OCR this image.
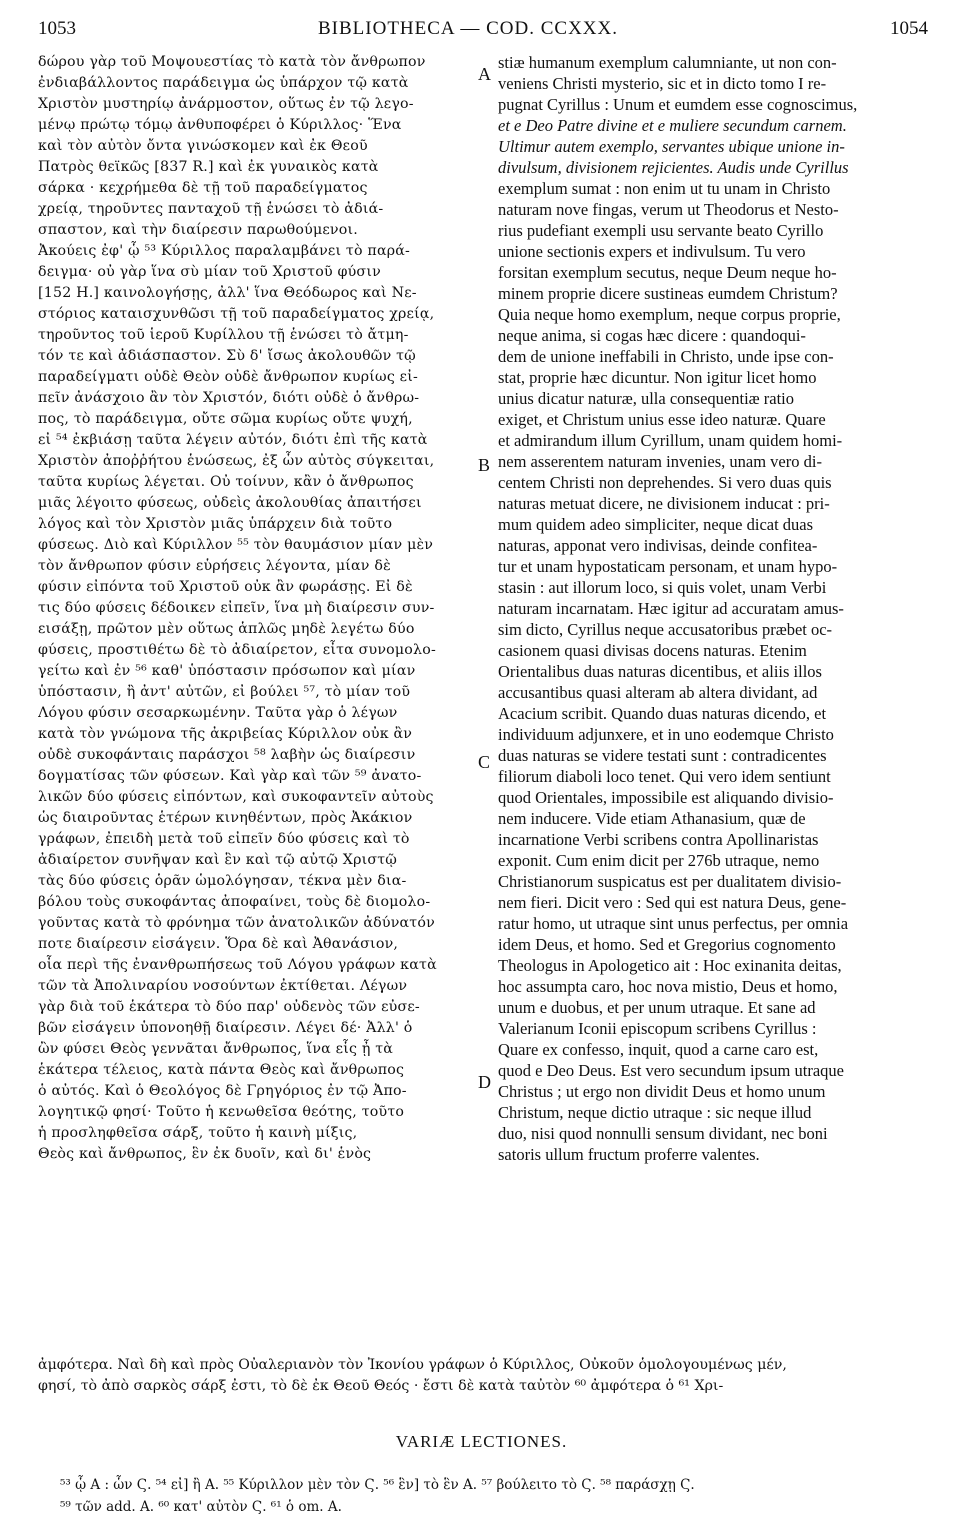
1053	BIBLIOTHECA — COD. CCXXX.	1054
δώρου γὰρ τοῦ Μοψουεστίας τὸ κατὰ τὸν ἄνθρωπον
ἐνδιαβάλλοντος παράδειγμα ὡς ὑπάρχον τῷ κατὰ
Χριστὸν μυστηρίῳ ἀνάρμοστον, οὕτως ἐν τῷ λεγο-
μένῳ πρώτῳ τόμῳ ἀνθυποφέρει ὁ Κύριλλος· Ἕνα
καὶ τὸν αὐτὸν ὄντα γινώσκομεν καὶ ἐκ Θεοῦ
Πατρὸς θεϊκῶς [837 R.] καὶ ἐκ γυναικὸς κατὰ
σάρκα · κεχρήμεθα δὲ τῇ τοῦ παραδείγματος
χρείᾳ, τηροῦντες πανταχοῦ τῇ ἑνώσει τὸ ἀδιά-
σπαστον, καὶ τὴν διαίρεσιν παρωθούμενοι.
Ἀκούεις ἐφ' ᾧ ⁵³ Κύριλλος παραλαμβάνει τὸ παρά-
δειγμα· οὐ γὰρ ἵνα σὺ μίαν τοῦ Χριστοῦ φύσιν
[152 Η.] καινολογήσῃς, ἀλλ' ἵνα Θεόδωρος καὶ Νε-
στόριος καταισχυνθῶσι τῇ τοῦ παραδείγματος χρείᾳ,
τηροῦντος τοῦ ἱεροῦ Κυρίλλου τῇ ἑνώσει τὸ ἄτμη-
τόν τε καὶ ἀδιάσπαστον. Σὺ δ' ἴσως ἀκολουθῶν τῷ
παραδείγματι οὐδὲ Θεὸν οὐδὲ ἄνθρωπον κυρίως εἰ-
πεῖν ἀνάσχοιο ἂν τὸν Χριστόν, διότι οὐδὲ ὁ ἄνθρω-
πος, τὸ παράδειγμα, οὔτε σῶμα κυρίως οὔτε ψυχή,
εἰ ⁵⁴ ἐκβιάσῃ ταῦτα λέγειν αὐτόν, διότι ἐπὶ τῆς κατὰ
Χριστὸν ἀποῤῥήτου ἑνώσεως, ἐξ ὧν αὐτὸς σύγκειται,
ταῦτα κυρίως λέγεται. Οὐ τοίνυν, κἂν ὁ ἄνθρωπος
μιᾶς λέγοιτο φύσεως, οὐδεὶς ἀκολουθίας ἀπαιτήσει
λόγος καὶ τὸν Χριστὸν μιᾶς ὑπάρχειν διὰ τοῦτο
φύσεως. Διὸ καὶ Κύριλλον ⁵⁵ τὸν θαυμάσιον μίαν μὲν
τὸν ἄνθρωπον φύσιν εὑρήσεις λέγοντα, μίαν δὲ
φύσιν εἰπόντα τοῦ Χριστοῦ οὐκ ἂν φωράσῃς. Εἰ δὲ
τις δύο φύσεις δέδοικεν εἰπεῖν, ἵνα μὴ διαίρεσιν συν-
εισάξῃ, πρῶτον μὲν οὕτως ἁπλῶς μηδὲ λεγέτω δύο
φύσεις, προστιθέτω δὲ τὸ ἀδιαίρετον, εἶτα συνομολο-
γείτω καὶ ἐν ⁵⁶ καθ' ὑπόστασιν πρόσωπον καὶ μίαν
ὑπόστασιν, ἢ ἀντ' αὐτῶν, εἰ βούλει ⁵⁷, τὸ μίαν τοῦ
Λόγου φύσιν σεσαρκωμένην. Ταῦτα γὰρ ὁ λέγων
κατὰ τὸν γνώμονα τῆς ἀκριβείας Κύριλλον οὐκ ἂν
οὐδὲ συκοφάνταις παράσχοι ⁵⁸ λαβὴν ὡς διαίρεσιν
δογματίσας τῶν φύσεων. Καὶ γὰρ καὶ τῶν ⁵⁹ ἀνατο-
λικῶν δύο φύσεις εἰπόντων, καὶ συκοφαντεῖν αὐτοὺς
ὡς διαιροῦντας ἑτέρων κινηθέντων, πρὸς Ἀκάκιον
γράφων, ἐπειδὴ μετὰ τοῦ εἰπεῖν δύο φύσεις καὶ τὸ
ἀδιαίρετον συνῆψαν καὶ ἓν καὶ τῷ αὐτῷ Χριστῷ
τὰς δύο φύσεις ὁρᾶν ὡμολόγησαν, τέκνα μὲν δια-
βόλου τοὺς συκοφάντας ἀποφαίνει, τοὺς δὲ διομολο-
γοῦντας κατὰ τὸ φρόνημα τῶν ἀνατολικῶν ἀδύνατόν
ποτε διαίρεσιν εἰσάγειν. Ὅρα δὲ καὶ Ἀθανάσιον,
οἷα περὶ τῆς ἐνανθρωπήσεως τοῦ Λόγου γράφων κατὰ
τῶν τὰ Ἀπολιναρίου νοσούντων ἐκτίθεται. Λέγων
γὰρ διὰ τοῦ ἑκάτερα τὸ δύο παρ' οὐδενὸς τῶν εὐσε-
βῶν εἰσάγειν ὑπονοηθῇ διαίρεσιν. Λέγει δέ· Ἀλλ' ὁ
ὢν φύσει Θεὸς γεννᾶται ἄνθρωπος, ἵνα εἷς ᾖ τὰ
ἑκάτερα τέλειος, κατὰ πάντα Θεὸς καὶ ἄνθρωπος
ὁ αὐτός. Καὶ ὁ Θεολόγος δὲ Γρηγόριος ἐν τῷ Ἀπο-
λογητικῷ φησί· Τοῦτο ἡ κενωθεῖσα θεότης, τοῦτο
ἡ προσληφθεῖσα σάρξ, τοῦτο ἡ καινὴ μίξις,
Θεὸς καὶ ἄνθρωπος, ἓν ἐκ δυοῖν, καὶ δι' ἑνὸς
stiæ humanum exemplum calumniante, ut non con-
veniens Christi mysterio, sic et in dicto tomo I re-
pugnat Cyrillus : Unum et eumdem esse cognoscimus,
et e Deo Patre divine et e muliere secundum carnem.
Ultimur autem exemplo, servantes ubique unione in-
divulsum, divisionem rejicientes. Audis unde Cyrillus
exemplum sumat : non enim ut tu unam in Christo
naturam nove fingas, verum ut Theodorus et Nesto-
rius pudefiant exempli usu servante beato Cyrillo
unione sectionis expers et indivulsum. Tu vero
forsitan exemplum secutus, neque Deum neque ho-
minem proprie dicere sustineas eumdem Christum?
Quia neque homo exemplum, neque corpus proprie,
neque anima, si cogas hæc dicere : quandoqui-
dem de unione ineffabili in Christo, unde ipse con-
stat, proprie hæc dicuntur. Non igitur licet homo
unius dicatur naturæ, ulla consequentiæ ratio
exiget, et Christum unius esse ideo naturæ. Quare
et admirandum illum Cyrillum, unam quidem homi-
nem asserentem naturam invenies, unam vero di-
centem Christi non deprehendes. Si vero duas quis
naturas metuat dicere, ne divisionem inducat : pri-
mum quidem adeo simpliciter, neque dicat duas
naturas, apponat vero indivisas, deinde confitea-
tur et unam hypostaticam personam, et unam hypo-
stasin : aut illorum loco, si quis volet, unam Verbi
naturam incarnatam. Hæc igitur ad accuratam amus-
sim dicto, Cyrillus neque accusatoribus præbet oc-
casionem quasi divisas docens naturas. Etenim
Orientalibus duas naturas dicentibus, et aliis illos
accusantibus quasi alteram ab altera dividant, ad
Acacium scribit. Quando duas naturas dicendo, et
individuum adjunxere, et in uno eodemque Christo
duas naturas se videre testati sunt : contradicentes
filiorum diaboli loco tenet. Qui vero idem sentiunt
quod Orientales, impossibile est aliquando divisio-
nem inducere. Vide etiam Athanasium, quæ de
incarnatione Verbi scribens contra Apollinaristas
exponit. Cum enim dicit per 276b utraque, nemo
Christianorum suspicatus est per dualitatem divisio-
nem fieri. Dicit vero : Sed qui est natura Deus, gene-
ratur homo, ut utraque sint unus perfectus, per omnia
idem Deus, et homo. Sed et Gregorius cognomento
Theologus in Apologetico ait : Hoc exinanita deitas,
hoc assumpta caro, hoc nova mistio, Deus et homo,
unum e duobus, et per unum utraque. Et sane ad
Valerianum Iconii episcopum scribens Cyrillus :
Quare ex confesso, inquit, quod a carne caro est,
quod e Deo Deus. Est vero secundum ipsum utraque
Christus ; ut ergo non dividit Deus et homo unum
Christum, neque dictio utraque : sic neque illud
duo, nisi quod nonnulli sensum dividant, nec boni
satoris ullum fructum proferre valentes.
A
B
C
D
ἀμφότερα. Ναὶ δὴ καὶ πρὸς Οὐαλεριανὸν τὸν Ἰκονίου γράφων ὁ Κύριλλος, Οὐκοῦν ὁμολογουμένως μέν,
φησί, τὸ ἀπὸ σαρκὸς σάρξ ἐστι, τὸ δὲ ἐκ Θεοῦ Θεός · ἔστι δὲ κατὰ ταὐτὸν ⁶⁰ ἀμφότερα ὁ ⁶¹ Χρι-
VARIÆ LECTIONES.
⁵³ ᾧ A : ὧν Ϛ. ⁵⁴ εἰ] ἢ A. ⁵⁵ Κύριλλον μὲν τὸν Ϛ. ⁵⁶ ἓν] τὸ ἓν A. ⁵⁷ βούλειτο τὸ Ϛ. ⁵⁸ παράσχῃ Ϛ.
⁵⁹ τῶν add. A. ⁶⁰ κατ' αὐτὸν Ϛ. ⁶¹ ὁ om. A.
